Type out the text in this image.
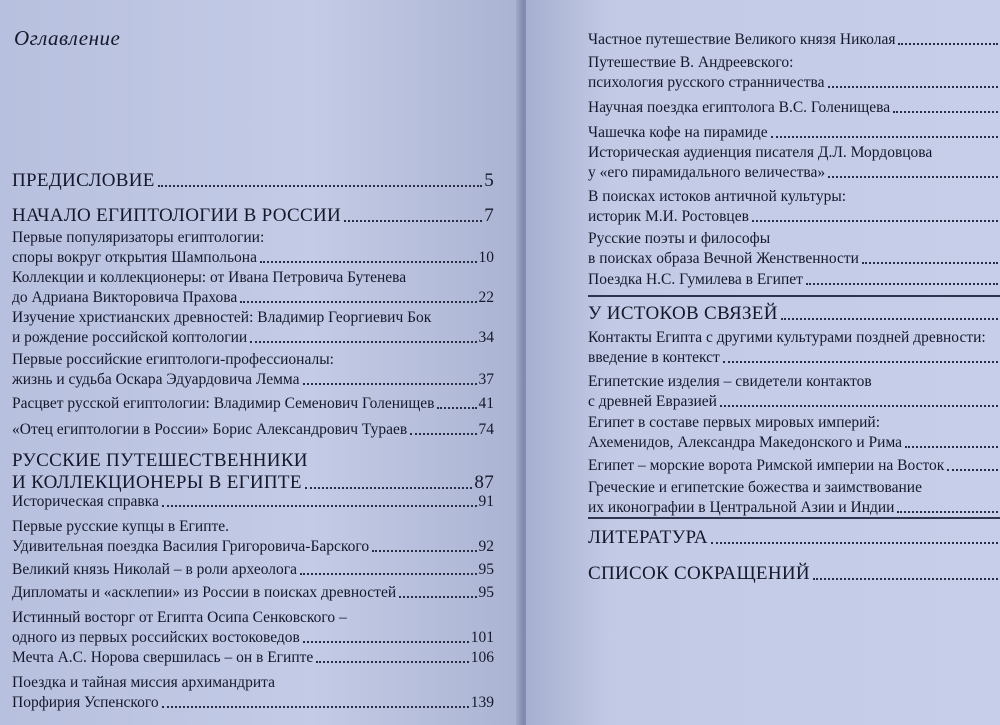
Оглавление
ПРЕДИСЛОВИЕ	5
НАЧАЛО ЕГИПТОЛОГИИ В РОССИИ	7
Первые популяризаторы египтологии:
споры вокруг открытия Шампольона	10
Коллекции и коллекционеры: от Ивана Петровича Бутенева
до Адриана Викторовича Прахова	22
Изучение христианских древностей: Владимир Георгиевич Бок
и рождение российской коптологии	34
Первые российские египтологи-профессионалы:
жизнь и судьба Оскара Эдуардовича Лемма	37
Расцвет русской египтологии: Владимир Семенович Голенищев	41
«Отец египтологии в России» Борис Александрович Тураев	74
РУССКИЕ ПУТЕШЕСТВЕННИКИ
И КОЛЛЕКЦИОНЕРЫ В ЕГИПТЕ	87
Историческая справка	91
Первые русские купцы в Египте.
Удивительная поездка Василия Григоровича-Барского	92
Великий князь Николай – в роли археолога	95
Дипломаты и «асклепии» из России в поисках древностей	95
Истинный восторг от Египта Осипа Сенковского –
одного из первых российских востоковедов	101
Мечта А.С. Норова свершилась – он в Египте	106
Поездка и тайная миссия архимандрита
Порфирия Успенского	139
Частное путешествие Великого князя Николая
Путешествие В. Андреевского:
психология русского странничества
Научная поездка египтолога В.С. Голенищева
Чашечка кофе на пирамиде
Историческая аудиенция писателя Д.Л. Мордовцова
у «его пирамидального величества»
В поисках истоков античной культуры:
историк М.И. Ростовцев
Русские поэты и философы
в поисках образа Вечной Женственности
Поездка Н.С. Гумилева в Египет
У ИСТОКОВ СВЯЗЕЙ
Контакты Египта с другими культурами поздней древности:
введение в контекст
Египетские изделия – свидетели контактов
с древней Евразией
Египет в составе первых мировых империй:
Ахеменидов, Александра Македонского и Рима
Египет – морские ворота Римской империи на Восток
Греческие и египетские божества и заимствование
их иконографии в Центральной Азии и Индии
ЛИТЕРАТУРА
СПИСОК СОКРАЩЕНИЙ
